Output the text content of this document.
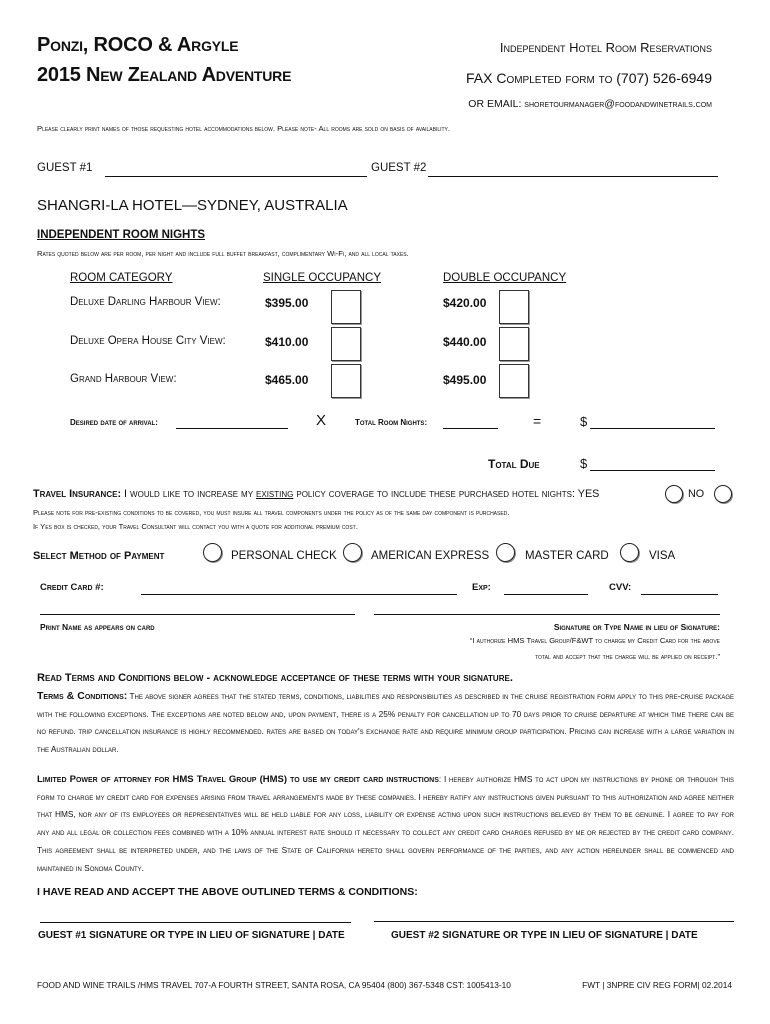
Ponzi, ROCO & Argyle
2015 New Zealand Adventure
Independent Hotel Room Reservations
FAX Completed form to (707) 526-6949
OR EMAIL: shoretourmanager@foodandwinetrails.com
Please clearly print names of those requesting hotel accommodations below. Please note- All rooms are sold on basis of availability.
GUEST #1	GUEST #2
SHANGRI-LA HOTEL—SYDNEY, AUSTRALIA
INDEPENDENT ROOM NIGHTS
Rates quoted below are per room, per night and include full buffet breakfast, complimentary Wi-Fi, and all local taxes.
ROOM CATEGORY	SINGLE OCCUPANCY	DOUBLE OCCUPANCY
Deluxe Darling Harbour View:	$395.00	$420.00
Deluxe Opera House City View:	$410.00	$440.00
Grand Harbour View:	$465.00	$495.00
Desired date of arrival:	X	Total Room Nights:	=	$
Total Due	$
Travel Insurance: I would like to increase my existing policy coverage to include these purchased hotel nights: YES	NO
Please note for pre-existing conditions to be covered, you must insure all travel components under the policy as of the same day component is purchased.
If Yes box is checked, your Travel Consultant will contact you with a quote for additional premium cost.
Select Method of Payment	PERSONAL CHECK	AMERICAN EXPRESS	MASTER CARD	VISA
Credit Card #:	Exp:	CVV:
Print Name as appears on card	Signature or Type Name in lieu of Signature:
“I authorize HMS Travel Group/F&WT to charge my Credit Card for the above
total and accept that the charge will be applied on receipt.”
Read Terms and Conditions below - acknowledge acceptance of these terms with your signature.
Terms & Conditions: The above signer agrees that the stated terms, conditions, liabilities and responsibilities as described in the cruise registration form apply to this pre-cruise package with the following exceptions. The exceptions are noted below and, upon payment, there is a 25% penalty for cancellation up to 70 days prior to cruise departure at which time there can be no refund. trip cancellation insurance is highly recommended. rates are based on today's exchange rate and require minimum group participation. Pricing can increase with a large variation in the Australian dollar.
Limited Power of attorney for HMS Travel Group (HMS) to use my credit card instructions: I hereby authorize HMS to act upon my instructions by phone or through this form to charge my credit card for expenses arising from travel arrangements made by these companies. I hereby ratify any instructions given pursuant to this authorization and agree neither that HMS, nor any of its employees or representatives will be held liable for any loss, liability or expense acting upon such instructions believed by them to be genuine. I agree to pay for any and all legal or collection fees combined with a 10% annual interest rate should it necessary to collect any credit card charges refused by me or rejected by the credit card company. This agreement shall be interpreted under, and the laws of the State of California hereto shall govern performance of the parties, and any action hereunder shall be commenced and maintained in Sonoma County.
I HAVE READ AND ACCEPT THE ABOVE OUTLINED TERMS & CONDITIONS:
GUEST #1 SIGNATURE OR TYPE IN LIEU OF SIGNATURE | DATE	GUEST #2 SIGNATURE OR TYPE IN LIEU OF SIGNATURE | DATE
FOOD AND WINE TRAILS /HMS TRAVEL 707-A FOURTH STREET, SANTA ROSA, CA 95404 (800) 367-5348 CST: 1005413-10	FWT | 3NPRE CIV REG FORM| 02.2014
